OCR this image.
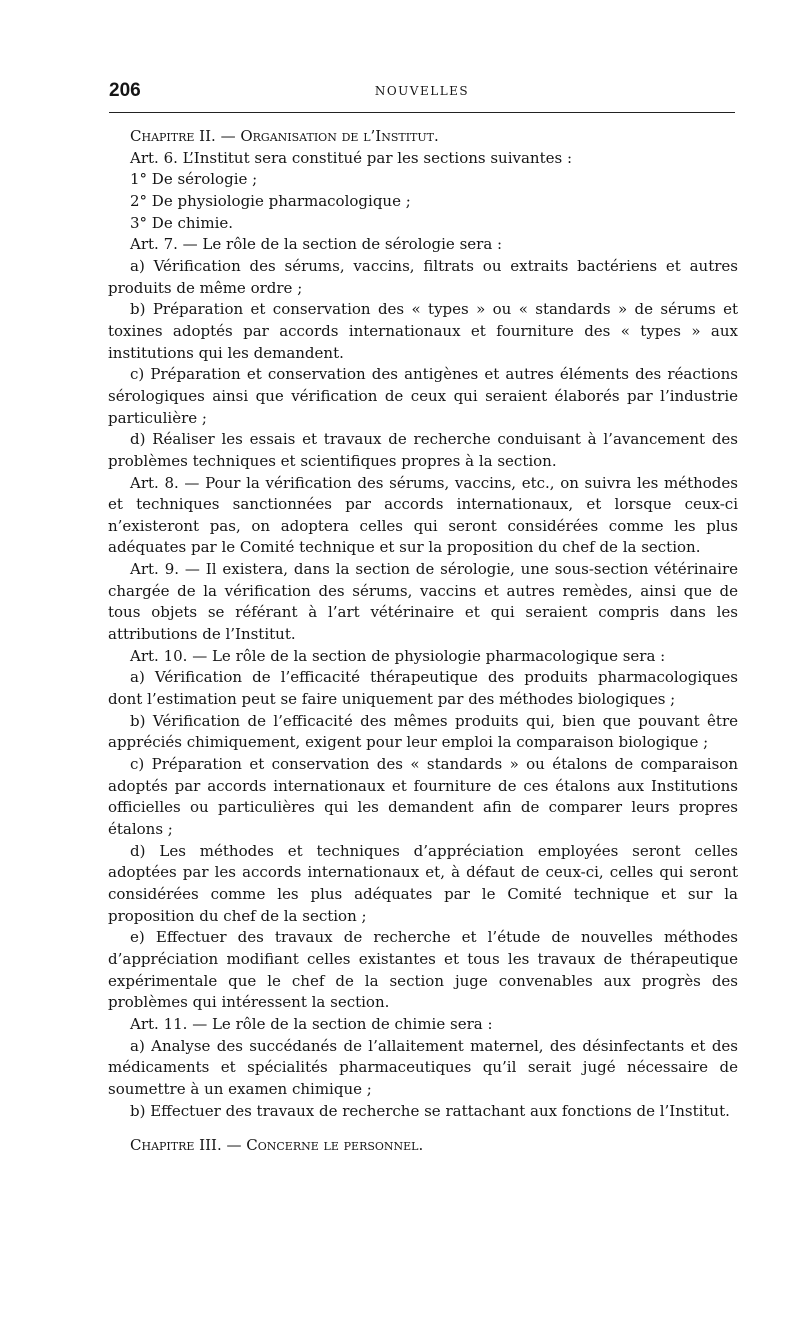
206	NOUVELLES

Chapitre II. — Organisation de l’Institut.

Art. 6. L’Institut sera constitué par les sections suivantes :

1° De sérologie ;

2° De physiologie pharmacologique ;

3° De chimie.

Art. 7. — Le rôle de la section de sérologie sera :

a) Vérification des sérums, vaccins, filtrats ou extraits bactériens et autres produits de même ordre ;

b) Préparation et conservation des « types » ou « standards » de sérums et toxines adoptés par accords internationaux et fourniture des « types » aux institutions qui les demandent.

c) Préparation et conservation des antigènes et autres éléments des réactions sérologiques ainsi que vérification de ceux qui seraient élaborés par l’industrie particulière ;

d) Réaliser les essais et travaux de recherche conduisant à l’avancement des problèmes techniques et scientifiques propres à la section.

Art. 8. — Pour la vérification des sérums, vaccins, etc., on suivra les méthodes et techniques sanctionnées par accords internationaux, et lorsque ceux-ci n’existeront pas, on adoptera celles qui seront considérées comme les plus adéquates par le Comité technique et sur la proposition du chef de la section.

Art. 9. — Il existera, dans la section de sérologie, une sous-section vétérinaire chargée de la vérification des sérums, vaccins et autres remèdes, ainsi que de tous objets se référant à l’art vétérinaire et qui seraient compris dans les attributions de l’Institut.

Art. 10. — Le rôle de la section de physiologie pharmacologique sera :

a) Vérification de l’efficacité thérapeutique des produits pharmacologiques dont l’estimation peut se faire uniquement par des méthodes biologiques ;

b) Vérification de l’efficacité des mêmes produits qui, bien que pouvant être appréciés chimiquement, exigent pour leur emploi la comparaison biologique ;

c) Préparation et conservation des « standards » ou étalons de comparaison adoptés par accords internationaux et fourniture de ces étalons aux Institutions officielles ou particulières qui les demandent afin de comparer leurs propres étalons ;

d) Les méthodes et techniques d’appréciation employées seront celles adoptées par les accords internationaux et, à défaut de ceux-ci, celles qui seront considérées comme les plus adéquates par le Comité technique et sur la proposition du chef de la section ;

e) Effectuer des travaux de recherche et l’étude de nouvelles méthodes d’appréciation modifiant celles existantes et tous les travaux de thérapeutique expérimentale que le chef de la section juge convenables aux progrès des problèmes qui intéressent la section.

Art. 11. — Le rôle de la section de chimie sera :

a) Analyse des succédanés de l’allaitement maternel, des désinfectants et des médicaments et spécialités pharmaceutiques qu’il serait jugé nécessaire de soumettre à un examen chimique ;

b) Effectuer des travaux de recherche se rattachant aux fonctions de l’Institut.

Chapitre III. — Concerne le personnel.
